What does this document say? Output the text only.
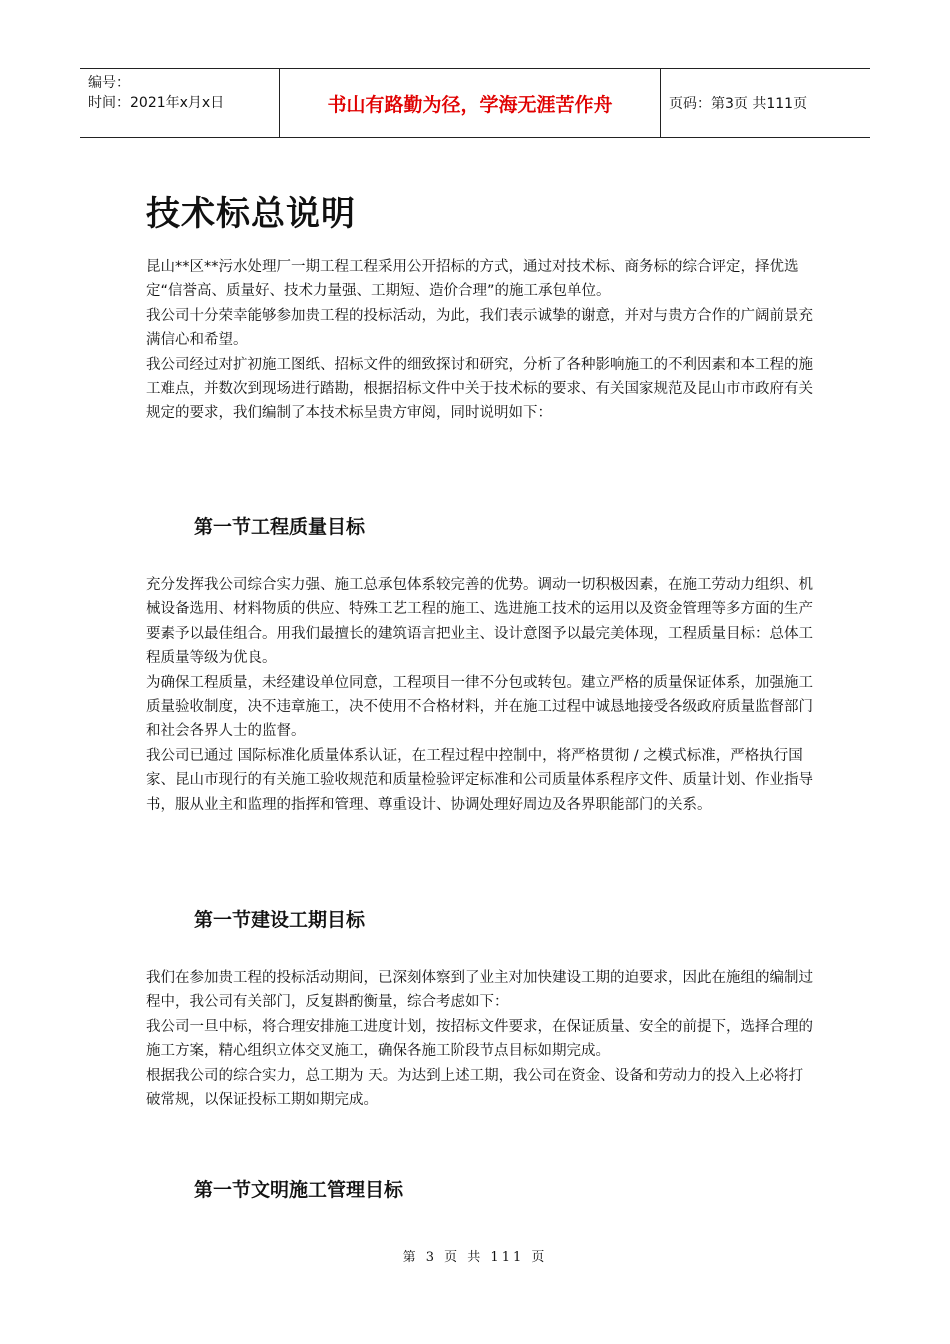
编号：
时间：2021年x月x日	书山有路勤为径，学海无涯苦作舟	页码：第3页 共111页
技术标总说明

昆山**区**污水处理厂一期工程工程采用公开招标的方式，通过对技术标、商务标的综合评定，择优选定“信誉高、质量好、技术力量强、工期短、造价合理”的施工承包单位。

我公司十分荣幸能够参加贵工程的投标活动，为此，我们表示诚挚的谢意，并对与贵方合作的广阔前景充满信心和希望。

我公司经过对扩初施工图纸、招标文件的细致探讨和研究，分析了各种影响施工的不利因素和本工程的施工难点，并数次到现场进行踏勘，根据招标文件中关于技术标的要求、有关国家规范及昆山市市政府有关规定的要求，我们编制了本技术标呈贵方审阅，同时说明如下：

第一节工程质量目标

充分发挥我公司综合实力强、施工总承包体系较完善的优势。调动一切积极因素，在施工劳动力组织、机械设备选用、材料物质的供应、特殊工艺工程的施工、选进施工技术的运用以及资金管理等多方面的生产要素予以最佳组合。用我们最擅长的建筑语言把业主、设计意图予以最完美体现，工程质量目标：总体工程质量等级为优良。

为确保工程质量，未经建设单位同意，工程项目一律不分包或转包。建立严格的质量保证体系，加强施工质量验收制度，决不违章施工，决不使用不合格材料，并在施工过程中诚恳地接受各级政府质量监督部门和社会各界人士的监督。

我公司已通过 国际标准化质量体系认证，在工程过程中控制中，将严格贯彻 / 之模式标准，严格执行国家、昆山市现行的有关施工验收规范和质量检验评定标准和公司质量体系程序文件、质量计划、作业指导书，服从业主和监理的指挥和管理、尊重设计、协调处理好周边及各界职能部门的关系。

第一节建设工期目标

我们在参加贵工程的投标活动期间，已深刻体察到了业主对加快建设工期的迫要求，因此在施组的编制过程中，我公司有关部门，反复斟酌衡量，综合考虑如下：

我公司一旦中标，将合理安排施工进度计划，按招标文件要求，在保证质量、安全的前提下，选择合理的施工方案，精心组织立体交叉施工，确保各施工阶段节点目标如期完成。

根据我公司的综合实力，总工期为 天。为达到上述工期，我公司在资金、设备和劳动力的投入上必将打破常规，以保证投标工期如期完成。

第一节文明施工管理目标
第 3 页 共 111 页
